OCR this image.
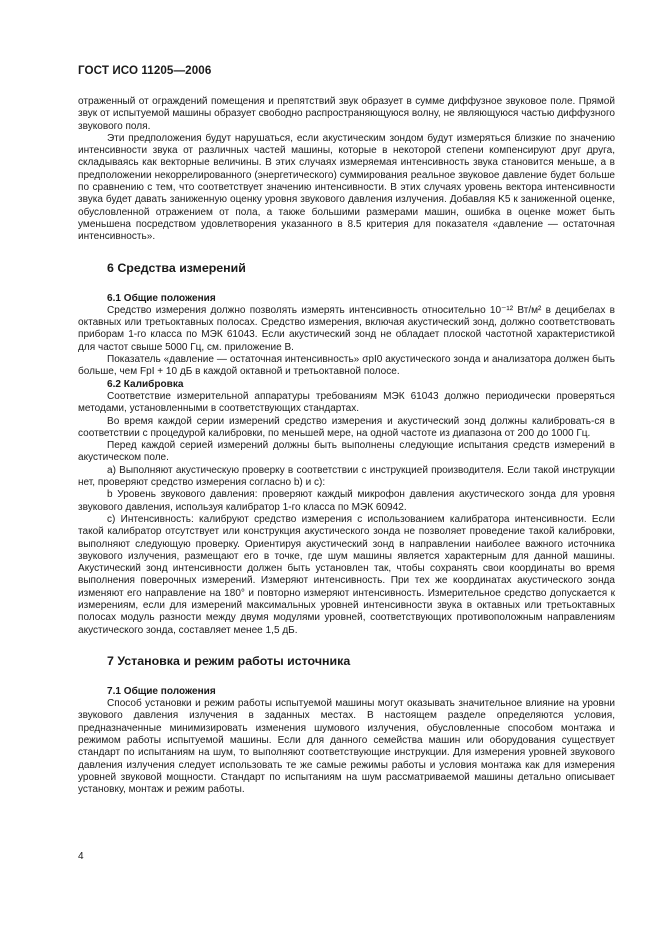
ГОСТ ИСО 11205—2006

отраженный от ограждений помещения и препятствий звук образует в сумме диффузное звуковое поле. Прямой звук от испытуемой машины образует свободно распространяющуюся волну, не являющуюся частью диффузного звукового поля.

Эти предположения будут нарушаться, если акустическим зондом будут измеряться близкие по значению интенсивности звука от различных частей машины, которые в некоторой степени компенсируют друг друга, складываясь как векторные величины. В этих случаях измеряемая интенсивность звука становится меньше, а в предположении некоррелированного (энергетического) суммирования реальное звуковое давление будет больше по сравнению с тем, что соответствует значению интенсивности. В этих случаях уровень вектора интенсивности звука будет давать заниженную оценку уровня звукового давления излучения. Добавляя K5 к заниженной оценке, обусловленной отражением от пола, а также большими размерами машин, ошибка в оценке может быть уменьшена посредством удовлетворения указанного в 8.5 критерия для показателя «давление — остаточная интенсивность».

6 Средства измерений
6.1 Общие положения

Средство измерения должно позволять измерять интенсивность относительно 10⁻¹² Вт/м² в децибелах в октавных или третьоктавных полосах. Средство измерения, включая акустический зонд, должно соответствовать приборам 1-го класса по МЭК 61043. Если акустический зонд не обладает плоской частотной характеристикой для частот свыше 5000 Гц, см. приложение В.

Показатель «давление — остаточная интенсивность» σpI0 акустического зонда и анализатора должен быть больше, чем FpI + 10 дБ в каждой октавной и третьоктавной полосе.

6.2 Калибровка

Соответствие измерительной аппаратуры требованиям МЭК 61043 должно периодически проверяться методами, установленными в соответствующих стандартах.

Во время каждой серии измерений средство измерения и акустический зонд должны калибровать-ся в соответствии с процедурой калибровки, по меньшей мере, на одной частоте из диапазона от 200 до 1000 Гц.

Перед каждой серией измерений должны быть выполнены следующие испытания средств измерений в акустическом поле.

a) Выполняют акустическую проверку в соответствии с инструкцией производителя. Если такой инструкции нет, проверяют средство измерения согласно b) и c):

b Уровень звукового давления: проверяют каждый микрофон давления акустического зонда для уровня звукового давления, используя калибратор 1-го класса по МЭК 60942.

c) Интенсивность: калибруют средство измерения с использованием калибратора интенсивности. Если такой калибратор отсутствует или конструкция акустического зонда не позволяет проведение такой калибровки, выполняют следующую проверку. Ориентируя акустический зонд в направлении наиболее важного источника звукового излучения, размещают его в точке, где шум машины является характерным для данной машины. Акустический зонд интенсивности должен быть установлен так, чтобы сохранять свои координаты во время выполнения поверочных измерений. Измеряют интенсивность. При тех же координатах акустического зонда изменяют его направление на 180° и повторно измеряют интенсивность. Измерительное средство допускается к измерениям, если для измерений максимальных уровней интенсивности звука в октавных или третьоктавных полосах модуль разности между двумя модулями уровней, соответствующих противоположным направлениям акустического зонда, составляет менее 1,5 дБ.

7 Установка и режим работы источника
7.1 Общие положения

Способ установки и режим работы испытуемой машины могут оказывать значительное влияние на уровни звукового давления излучения в заданных местах. В настоящем разделе определяются условия, предназначенные минимизировать изменения шумового излучения, обусловленные способом монтажа и режимом работы испытуемой машины. Если для данного семейства машин или оборудования существует стандарт по испытаниям на шум, то выполняют соответствующие инструкции. Для измерения уровней звукового давления излучения следует использовать те же самые режимы работы и условия монтажа как для измерения уровней звуковой мощности. Стандарт по испытаниям на шум рассматриваемой машины детально описывает установку, монтаж и режим работы.

4
